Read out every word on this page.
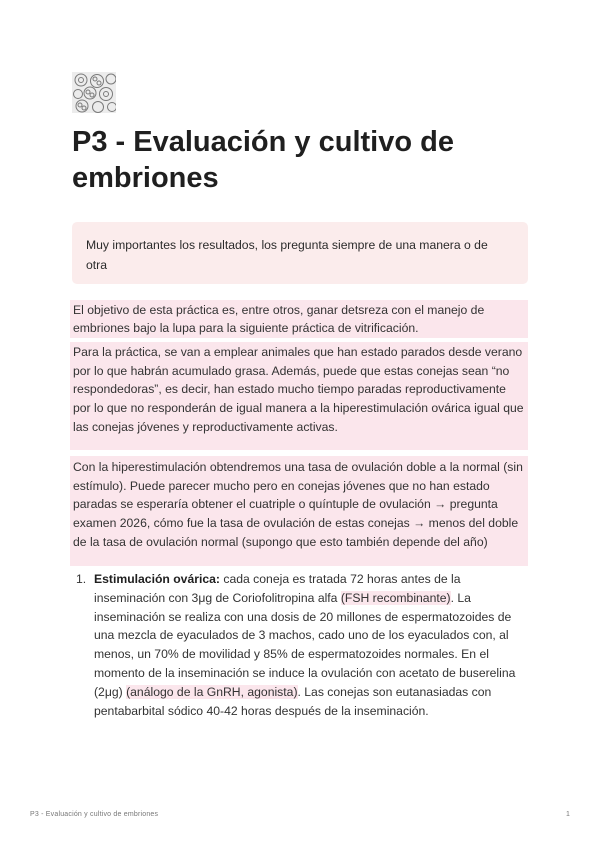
P3 - Evaluación y cultivo de embriones
Muy importantes los resultados, los pregunta siempre de una manera o de otra
El objetivo de esta práctica es, entre otros, ganar detsreza con el manejo de embriones bajo la lupa para la siguiente práctica de vitrificación.
Para la práctica, se van a emplear animales que han estado parados desde verano por lo que habrán acumulado grasa. Además, puede que estas conejas sean “no respondedoras”, es decir, han estado mucho tiempo paradas reproductivamente por lo que no responderán de igual manera a la hiperestimulación ovárica igual que las conejas jóvenes y reproductivamente activas.
Con la hiperestimulación obtendremos una tasa de ovulación doble a la normal (sin estímulo). Puede parecer mucho pero en conejas jóvenes que no han estado paradas se esperaría obtener el cuatriple o quíntuple de ovulación → pregunta examen 2026, cómo fue la tasa de ovulación de estas conejas → menos del doble de la tasa de ovulación normal (supongo que esto también depende del año)
1. Estimulación ovárica: cada coneja es tratada 72 horas antes de la inseminación con 3μg de Coriofolitropina alfa (FSH recombinante). La inseminación se realiza con una dosis de 20 millones de espermatozoides de una mezcla de eyaculados de 3 machos, cado uno de los eyaculados con, al menos, un 70% de movilidad y 85% de espermatozoides normales. En el momento de la inseminación se induce la ovulación con acetato de buserelina (2μg) (análogo de la GnRH, agonista). Las conejas son eutanasiadas con pentabarbital sódico 40-42 horas después de la inseminación.
P3 - Evaluación y cultivo de embriones	1
